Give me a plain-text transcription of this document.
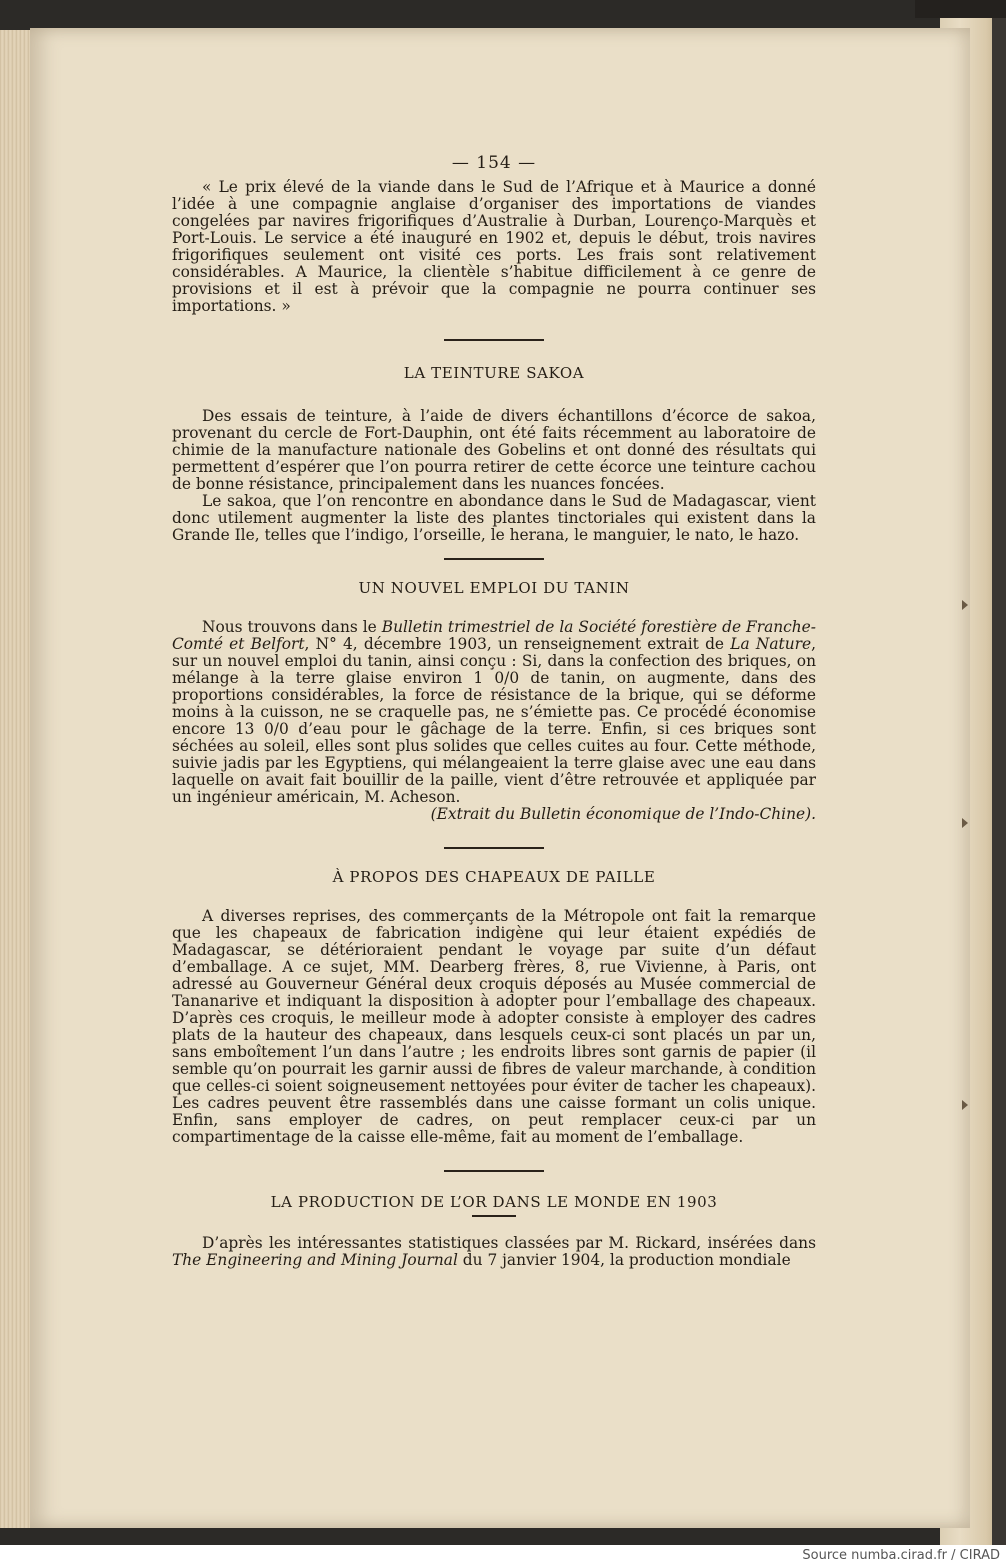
— 154 —

« Le prix élevé de la viande dans le Sud de l’Afrique et à Maurice a donné l’idée à une compagnie anglaise d’organiser des importations de viandes congelées par navires frigorifiques d’Australie à Durban, Lourenço-Marquès et Port-Louis. Le service a été inauguré en 1902 et, depuis le début, trois navires frigorifiques seulement ont visité ces ports. Les frais sont relativement considérables. A Maurice, la clientèle s’habitue difficilement à ce genre de provisions et il est à prévoir que la compagnie ne pourra continuer ses importations. »

LA TEINTURE SAKOA

Des essais de teinture, à l’aide de divers échantillons d’écorce de sakoa, provenant du cercle de Fort-Dauphin, ont été faits récemment au laboratoire de chimie de la manufacture nationale des Gobelins et ont donné des résultats qui permettent d’espérer que l’on pourra retirer de cette écorce une teinture cachou de bonne résistance, principalement dans les nuances foncées.

Le sakoa, que l’on rencontre en abondance dans le Sud de Madagascar, vient donc utilement augmenter la liste des plantes tinctoriales qui existent dans la Grande Ile, telles que l’indigo, l’orseille, le herana, le manguier, le nato, le hazo.

UN NOUVEL EMPLOI DU TANIN

Nous trouvons dans le Bulletin trimestriel de la Société forestière de Franche-Comté et Belfort, N° 4, décembre 1903, un renseignement extrait de La Nature, sur un nouvel emploi du tanin, ainsi conçu : Si, dans la confection des briques, on mélange à la terre glaise environ 1 0/0 de tanin, on augmente, dans des proportions considérables, la force de résistance de la brique, qui se déforme moins à la cuisson, ne se craquelle pas, ne s’émiette pas. Ce procédé économise encore 13 0/0 d’eau pour le gâchage de la terre. Enfin, si ces briques sont séchées au soleil, elles sont plus solides que celles cuites au four. Cette méthode, suivie jadis par les Egyptiens, qui mélangeaient la terre glaise avec une eau dans laquelle on avait fait bouillir de la paille, vient d’être retrouvée et appliquée par un ingénieur américain, M. Acheson.

(Extrait du Bulletin économique de l’Indo-Chine).
À PROPOS DES CHAPEAUX DE PAILLE

A diverses reprises, des commerçants de la Métropole ont fait la remarque que les chapeaux de fabrication indigène qui leur étaient expédiés de Madagascar, se détérioraient pendant le voyage par suite d’un défaut d’emballage. A ce sujet, MM. Dearberg frères, 8, rue Vivienne, à Paris, ont adressé au Gouverneur Général deux croquis déposés au Musée commercial de Tananarive et indiquant la disposition à adopter pour l’emballage des chapeaux. D’après ces croquis, le meilleur mode à adopter consiste à employer des cadres plats de la hauteur des chapeaux, dans lesquels ceux-ci sont placés un par un, sans emboîtement l’un dans l’autre ; les endroits libres sont garnis de papier (il semble qu’on pourrait les garnir aussi de fibres de valeur marchande, à condition que celles-ci soient soigneusement nettoyées pour éviter de tacher les chapeaux). Les cadres peuvent être rassemblés dans une caisse formant un colis unique. Enfin, sans employer de cadres, on peut remplacer ceux-ci par un compartimentage de la caisse elle-même, fait au moment de l’emballage.

LA PRODUCTION DE L’OR DANS LE MONDE EN 1903

D’après les intéressantes statistiques classées par M. Rickard, insérées dans The Engineering and Mining Journal du 7 janvier 1904, la production mondiale

Source numba.cirad.fr / CIRAD
